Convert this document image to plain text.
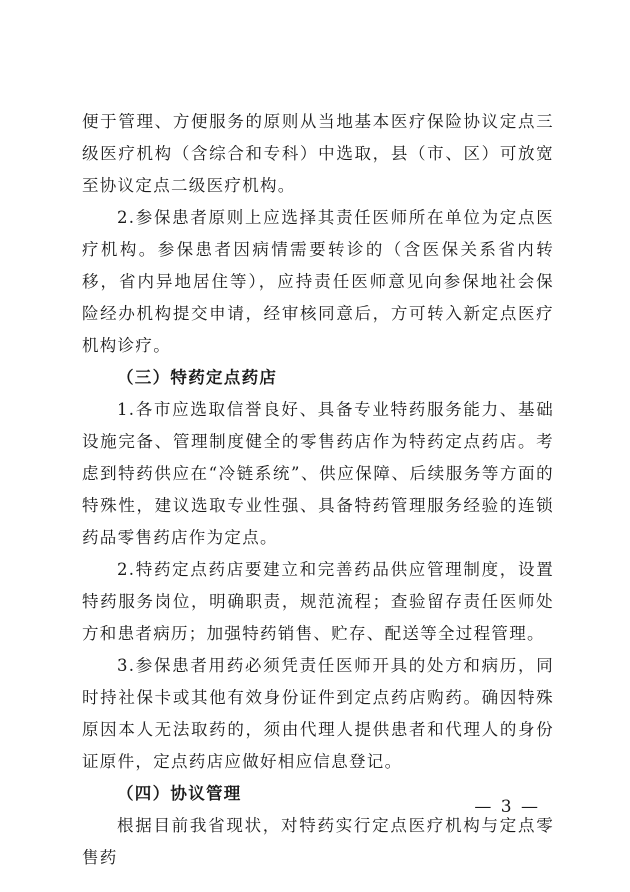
便于管理、方便服务的原则从当地基本医疗保险协议定点三级医疗机构（含综合和专科）中选取，县（市、区）可放宽至协议定点二级医疗机构。

2.参保患者原则上应选择其责任医师所在单位为定点医疗机构。参保患者因病情需要转诊的（含医保关系省内转移，省内异地居住等），应持责任医师意见向参保地社会保险经办机构提交申请，经审核同意后，方可转入新定点医疗机构诊疗。

（三）特药定点药店

1.各市应选取信誉良好、具备专业特药服务能力、基础设施完备、管理制度健全的零售药店作为特药定点药店。考虑到特药供应在“冷链系统”、供应保障、后续服务等方面的特殊性，建议选取专业性强、具备特药管理服务经验的连锁药品零售药店作为定点。

2.特药定点药店要建立和完善药品供应管理制度，设置特药服务岗位，明确职责，规范流程；查验留存责任医师处方和患者病历；加强特药销售、贮存、配送等全过程管理。

3.参保患者用药必须凭责任医师开具的处方和病历，同时持社保卡或其他有效身份证件到定点药店购药。确因特殊原因本人无法取药的，须由代理人提供患者和代理人的身份证原件，定点药店应做好相应信息登记。

（四）协议管理

根据目前我省现状，对特药实行定点医疗机构与定点零售药

— 3 —
